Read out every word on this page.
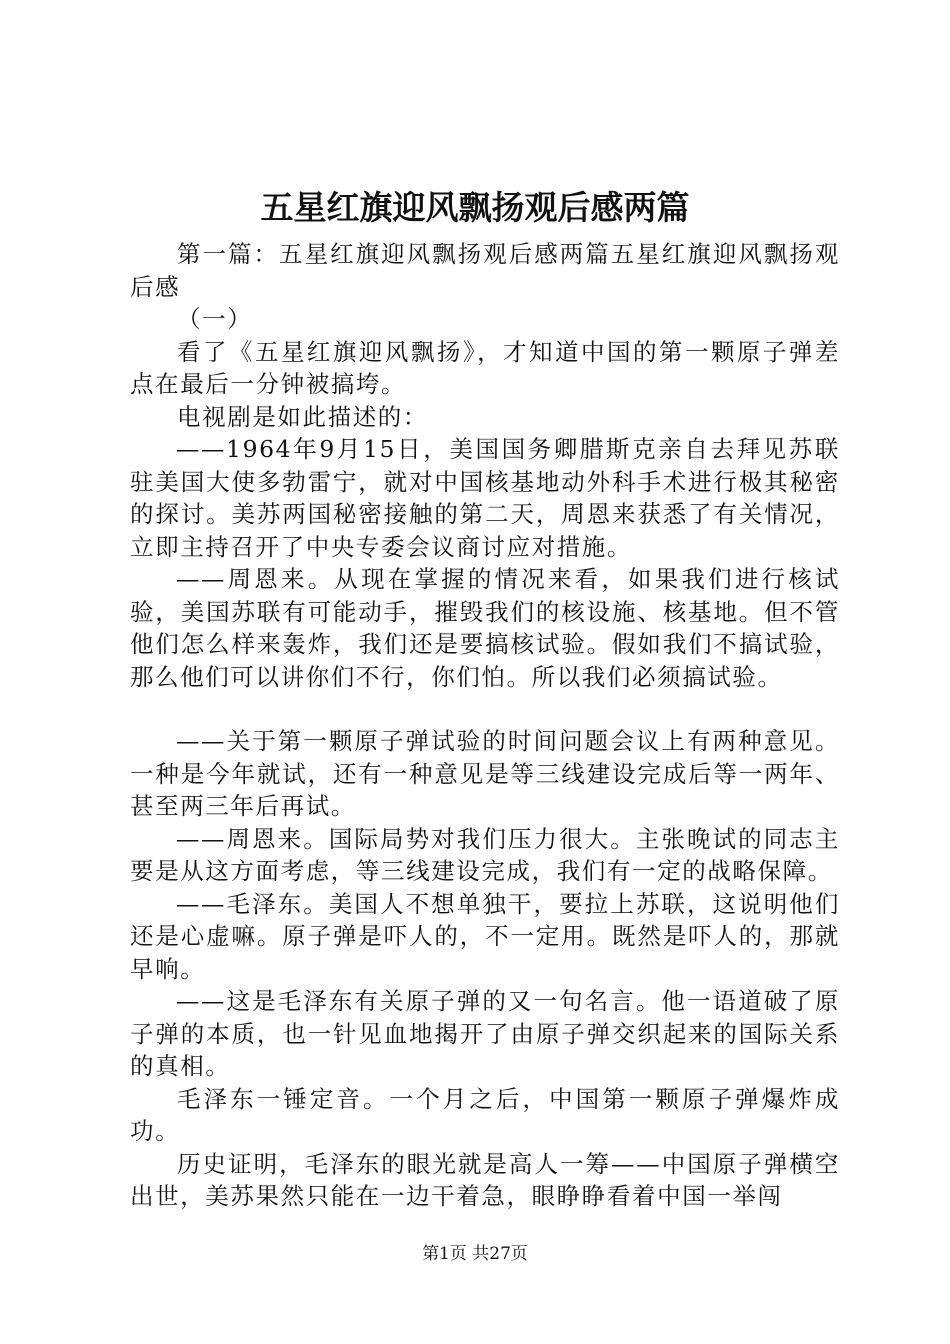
五星红旗迎风飘扬观后感两篇

第一篇：五星红旗迎风飘扬观后感两篇五星红旗迎风飘扬观后感

（一）

看了《五星红旗迎风飘扬》，才知道中国的第一颗原子弹差点在最后一分钟被搞垮。

电视剧是如此描述的：

——1964年9月15日，美国国务卿腊斯克亲自去拜见苏联驻美国大使多勃雷宁，就对中国核基地动外科手术进行极其秘密的探讨。美苏两国秘密接触的第二天，周恩来获悉了有关情况，立即主持召开了中央专委会议商讨应对措施。

——周恩来。从现在掌握的情况来看，如果我们进行核试验，美国苏联有可能动手，摧毁我们的核设施、核基地。但不管他们怎么样来轰炸，我们还是要搞核试验。假如我们不搞试验，那么他们可以讲你们不行，你们怕。所以我们必须搞试验。

——关于第一颗原子弹试验的时间问题会议上有两种意见。一种是今年就试，还有一种意见是等三线建设完成后等一两年、甚至两三年后再试。

——周恩来。国际局势对我们压力很大。主张晚试的同志主要是从这方面考虑，等三线建设完成，我们有一定的战略保障。

——毛泽东。美国人不想单独干，要拉上苏联，这说明他们还是心虚嘛。原子弹是吓人的，不一定用。既然是吓人的，那就早响。

——这是毛泽东有关原子弹的又一句名言。他一语道破了原子弹的本质，也一针见血地揭开了由原子弹交织起来的国际关系的真相。

毛泽东一锤定音。一个月之后，中国第一颗原子弹爆炸成功。

历史证明，毛泽东的眼光就是高人一筹——中国原子弹横空出世，美苏果然只能在一边干着急，眼睁睁看着中国一举闯

第1页 共27页
